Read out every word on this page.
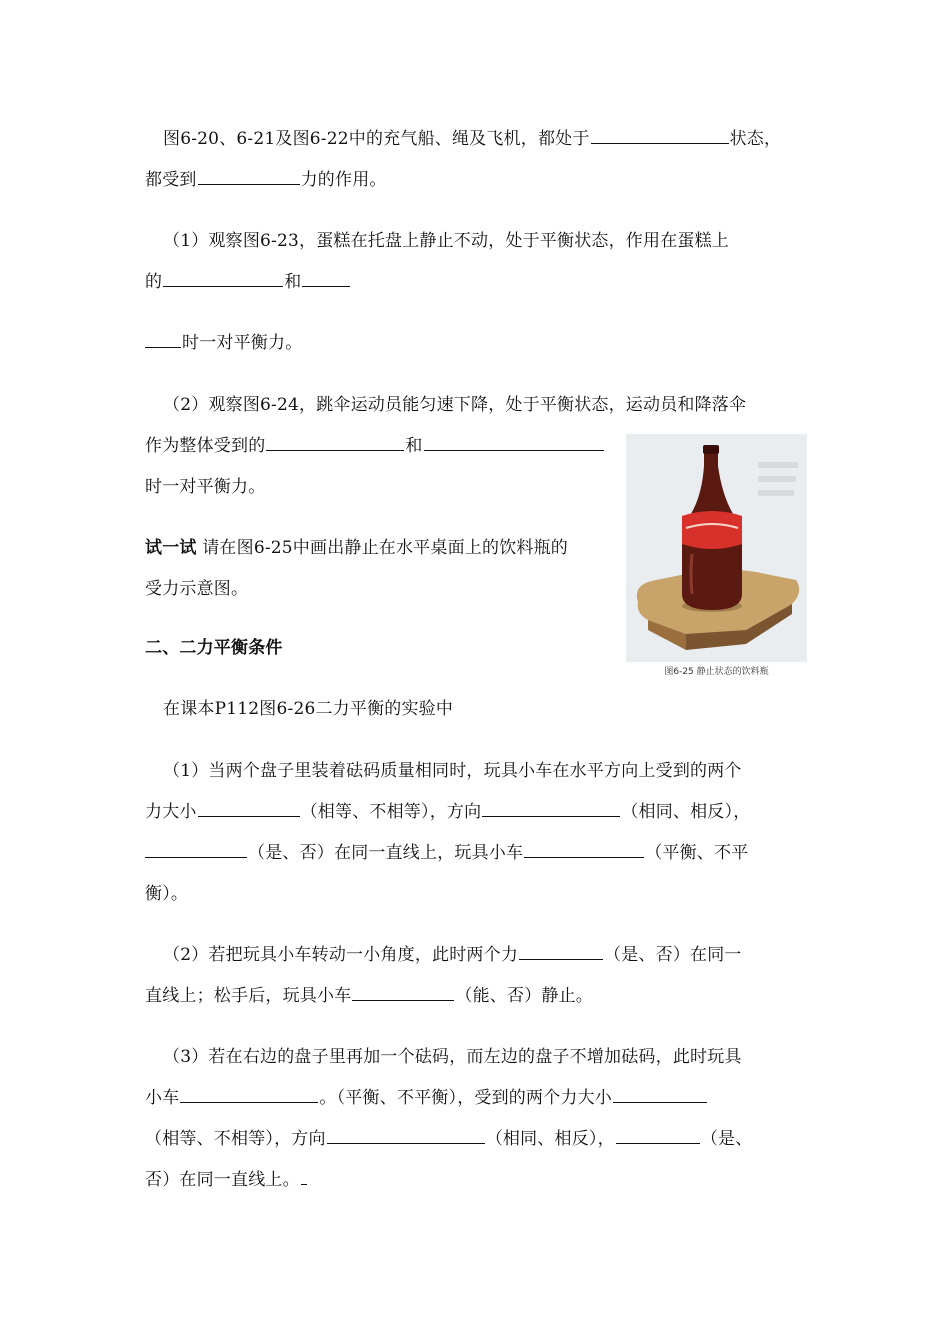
图6-20、6-21及图6-22中的充气船、绳及飞机，都处于	状态，
都受到	力的作用。
（1）观察图6-23，蛋糕在托盘上静止不动，处于平衡状态，作用在蛋糕上
的	和
时一对平衡力。
（2）观察图6-24，跳伞运动员能匀速下降，处于平衡状态，运动员和降落伞
作为整体受到的	和
时一对平衡力。
试一试 请在图6-25中画出静止在水平桌面上的饮料瓶的
受力示意图。
图6-25 静止状态的饮料瓶
二、二力平衡条件
在课本P112图6-26二力平衡的实验中
（1）当两个盘子里装着砝码质量相同时，玩具小车在水平方向上受到的两个
力大小	（相等、不相等），方向	（相同、相反），
（是、否）在同一直线上，玩具小车	（平衡、不平
衡）。
（2）若把玩具小车转动一小角度，此时两个力	（是、否）在同一
直线上；松手后，玩具小车	（能、否）静止。
（3）若在右边的盘子里再加一个砝码，而左边的盘子不增加砝码，此时玩具
小车	。（平衡、不平衡），受到的两个力大小
（相等、不相等），方向	（相同、相反），	（是、
否）在同一直线上。
